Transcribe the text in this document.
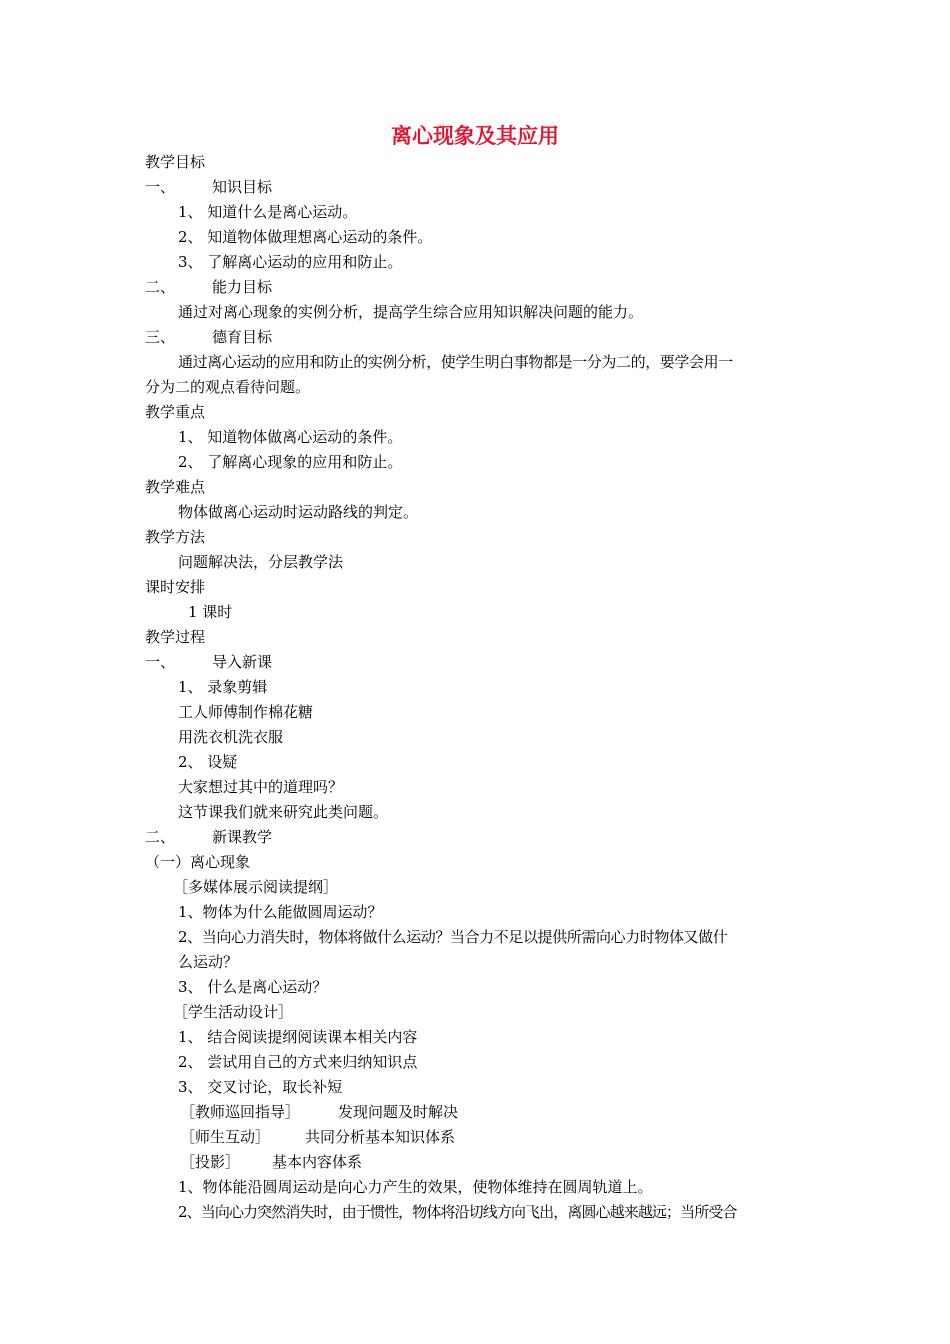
离心现象及其应用
教学目标
一、 知识目标
1、 知道什么是离心运动。
2、 知道物体做理想离心运动的条件。
3、 了解离心运动的应用和防止。
二、 能力目标
通过对离心现象的实例分析，提高学生综合应用知识解决问题的能力。
三、 德育目标
通过离心运动的应用和防止的实例分析，使学生明白事物都是一分为二的，要学会用一
分为二的观点看待问题。
教学重点
1、 知道物体做离心运动的条件。
2、 了解离心现象的应用和防止。
教学难点
物体做离心运动时运动路线的判定。
教学方法
问题解决法，分层教学法
课时安排
1 课时
教学过程
一、 导入新课
1、 录象剪辑
工人师傅制作棉花糖
用洗衣机洗衣服
2、 设疑
大家想过其中的道理吗？
这节课我们就来研究此类问题。
二、 新课教学
（一）离心现象
［多媒体展示阅读提纲］
1、物体为什么能做圆周运动？
2、当向心力消失时，物体将做什么运动？当合力不足以提供所需向心力时物体又做什
么运动？
3、 什么是离心运动？
［学生活动设计］
1、 结合阅读提纲阅读课本相关内容
2、 尝试用自己的方式来归纳知识点
3、 交叉讨论，取长补短
［教师巡回指导］	发现问题及时解决
［师生互动］ 共同分析基本知识体系
［投影］ 基本内容体系
1、物体能沿圆周运动是向心力产生的效果，使物体维持在圆周轨道上。
2、当向心力突然消失时，由于惯性，物体将沿切线方向飞出，离圆心越来越远；当所受合
